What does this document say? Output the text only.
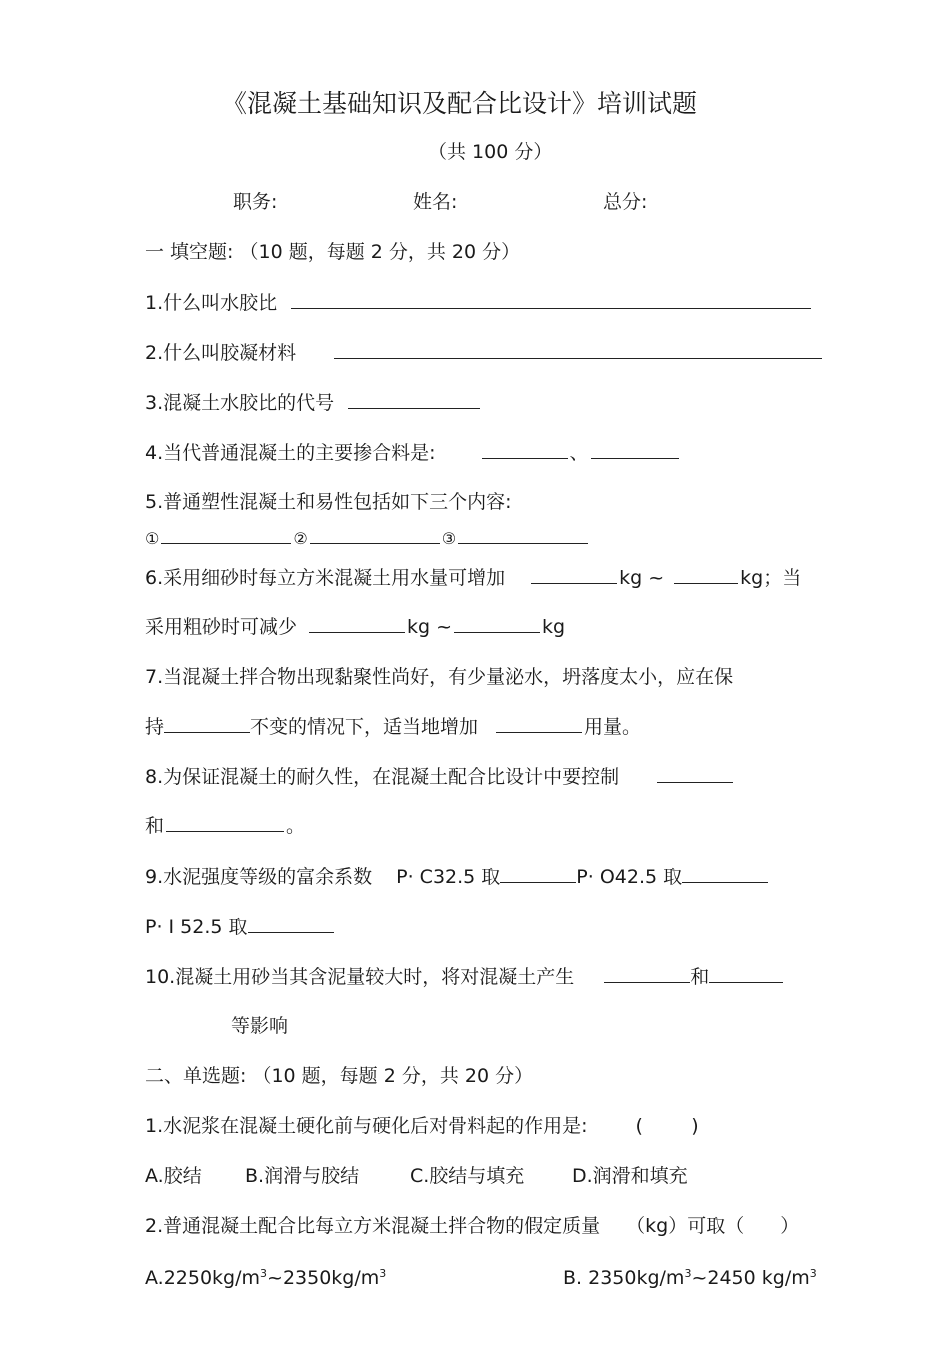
《混凝土基础知识及配合比设计》培训试题
（共 100 分）
职务:	姓名:	总分:
一 填空题: （10 题，每题 2 分，共 20 分）
1.什么叫水胶比
2.什么叫胶凝材料
3.混凝土水胶比的代号
4.当代普通混凝土的主要掺合料是:	、
5.普通塑性混凝土和易性包括如下三个内容:
①	②	③
6.采用细砂时每立方米混凝土用水量可增加	kg ~	kg；当
采用粗砂时可减少	kg ~	kg
7.当混凝土拌合物出现黏聚性尚好，有少量泌水，坍落度太小，应在保
持	不变的情况下，适当地增加	用量。
8.为保证混凝土的耐久性，在混凝土配合比设计中要控制
和	。
9.水泥强度等级的富余系数 P· C32.5 取	P· O42.5 取
P· Ⅰ 52.5 取
10.混凝土用砂当其含泥量较大时，将对混凝土产生	和
等影响
二、单选题: （10 题，每题 2 分，共 20 分）
1.水泥浆在混凝土硬化前与硬化后对骨料起的作用是:	(        )
A.胶结 B.润滑与胶结	C.胶结与填充	D.润滑和填充
2.普通混凝土配合比每立方米混凝土拌合物的假定质量 （kg）可取（ ）
$A.2250kg/m^3\sim 2350kg/m^3$	B. $2350kg/m^3\sim 2450$ $kg/m^3$
